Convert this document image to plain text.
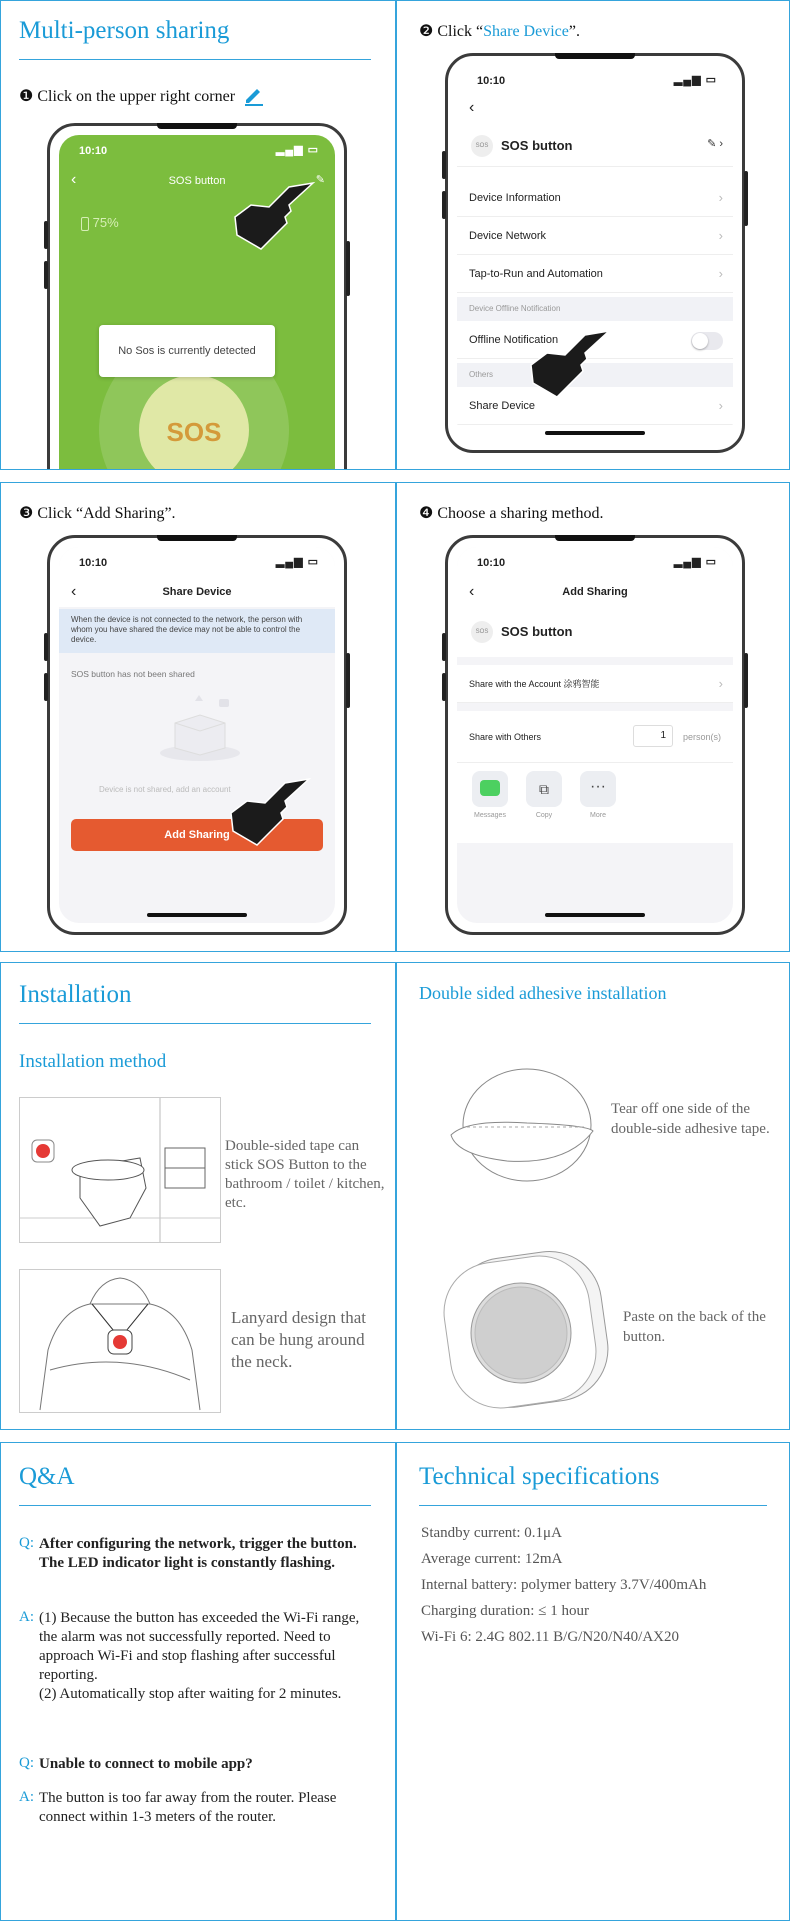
Multi-person sharing
❶ Click on the upper right corner
10:10	▂▄▆ ▭
‹	SOS button	✎
75%
SOS
No Sos is currently detected
❷ Click “Share Device”.
10:10	▂▄▆ ▭
‹
SOS SOS button	✎ ›
Device Information	›
Device Network	›
Tap-to-Run and Automation	›
Device Offline Notification
Offline Notification
Others
Share Device	›
❸ Click “Add Sharing”.
10:10	▂▄▆ ▭
‹	Share Device
When the device is not connected to the network, the person with whom you have shared the device may not be able to control the device.
SOS button has not been shared
Device is not shared, add an account
Add Sharing
❹ Choose a sharing method.
10:10	▂▄▆ ▭
‹	Add Sharing
SOS SOS button
Share with the Account 涂鸦智能	›
Share with Others	1	person(s)
Messages
⧉
Copy
···
More
Installation
Installation method
Double-sided tape can stick SOS Button to the bathroom / toilet / kitchen, etc.
Lanyard design that can be hung around the neck.
Double sided adhesive installation
Tear off one side of the double-side adhesive tape.
Paste on the back of the button.
Q&A
Q: After configuring the network, trigger the button. The LED indicator light is constantly flashing.

A: (1) Because the button has exceeded the Wi-Fi range, the alarm was not successfully reported. Need to approach Wi-Fi and stop flashing after successful reporting.

(2) Automatically stop after waiting for 2 minutes.

Q: Unable to connect to mobile app?

A: The button is too far away from the router. Please connect within 1-3 meters of the router.

Technical specifications
Standby current: 0.1μA
Average current: 12mA
Internal battery: polymer battery 3.7V/400mAh
Charging duration: ≤ 1 hour
Wi-Fi 6: 2.4G 802.11 B/G/N20/N40/AX20
